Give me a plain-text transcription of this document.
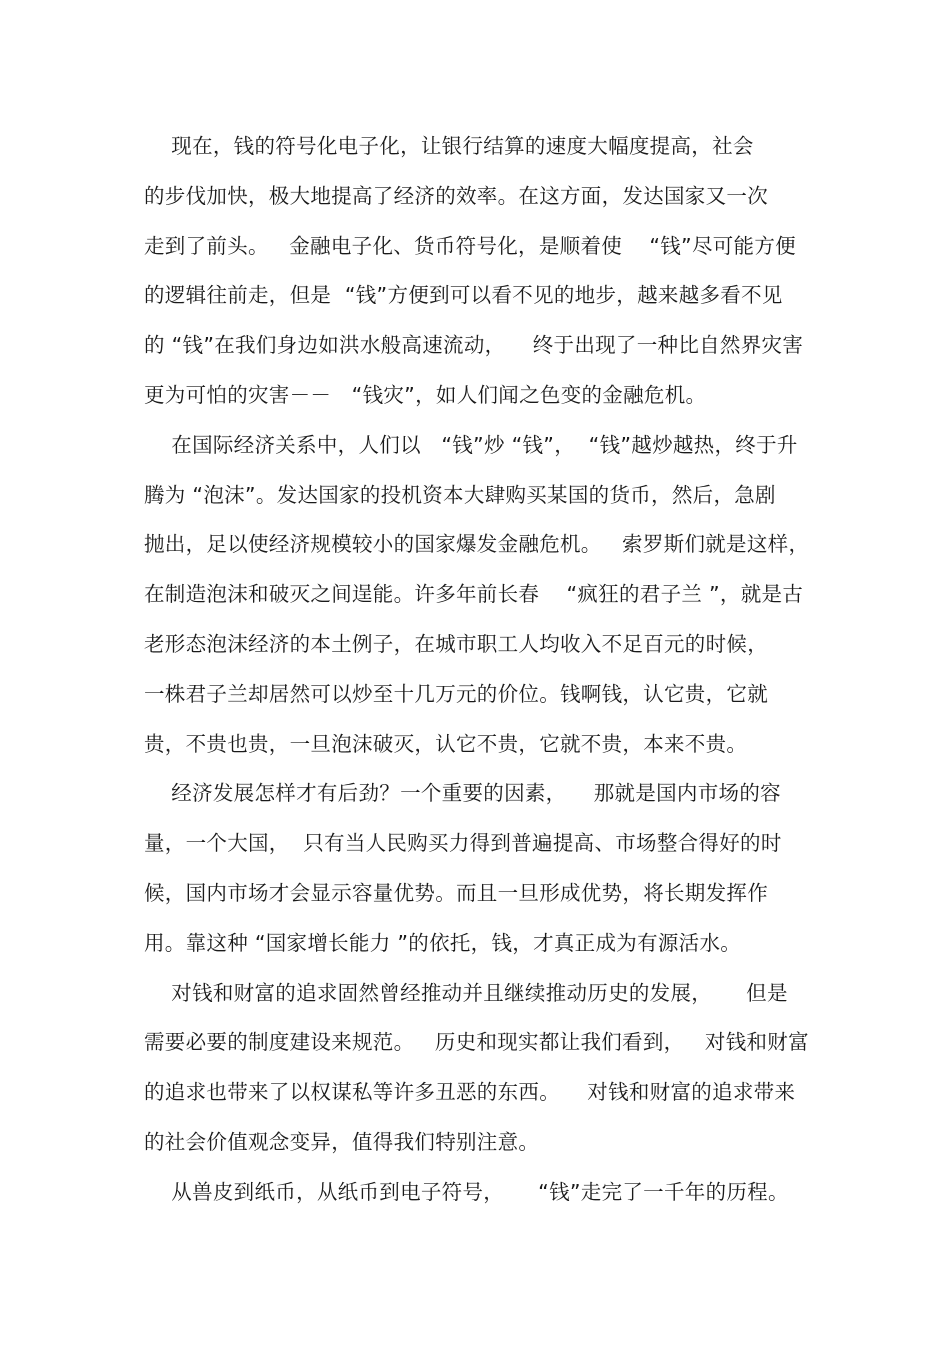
现在，钱的符号化电子化，让银行结算的速度大幅度提高，社会
的步伐加快，极大地提高了经济的效率。在这方面，发达国家又一次
走到了前头。   金融电子化、货币符号化，是顺着使    “钱”尽可能方便
的逻辑往前走，但是  “钱”方便到可以看不见的地步，越来越多看不见
的 “钱”在我们身边如洪水般高速流动，    终于出现了一种比自然界灾害
更为可怕的灾害－－   “钱灾”，如人们闻之色变的金融危机。
在国际经济关系中，人们以   “钱”炒 “钱”，  “钱”越炒越热，终于升
腾为 “泡沫”。发达国家的投机资本大肆购买某国的货币，然后，急剧
抛出，足以使经济规模较小的国家爆发金融危机。   索罗斯们就是这样，
在制造泡沫和破灭之间逞能。许多年前长春    “疯狂的君子兰 ”，就是古
老形态泡沫经济的本土例子，在城市职工人均收入不足百元的时候，
一株君子兰却居然可以炒至十几万元的价位。钱啊钱，认它贵，它就
贵，不贵也贵，一旦泡沫破灭，认它不贵，它就不贵，本来不贵。
经济发展怎样才有后劲？一个重要的因素，    那就是国内市场的容
量，一个大国，  只有当人民购买力得到普遍提高、市场整合得好的时
候，国内市场才会显示容量优势。而且一旦形成优势，将长期发挥作
用。靠这种 “国家增长能力 ”的依托，钱，才真正成为有源活水。
对钱和财富的追求固然曾经推动并且继续推动历史的发展，     但是
需要必要的制度建设来规范。   历史和现实都让我们看到，   对钱和财富
的追求也带来了以权谋私等许多丑恶的东西。    对钱和财富的追求带来
的社会价值观念变异，值得我们特别注意。
从兽皮到纸币，从纸币到电子符号，     “钱”走完了一千年的历程。
